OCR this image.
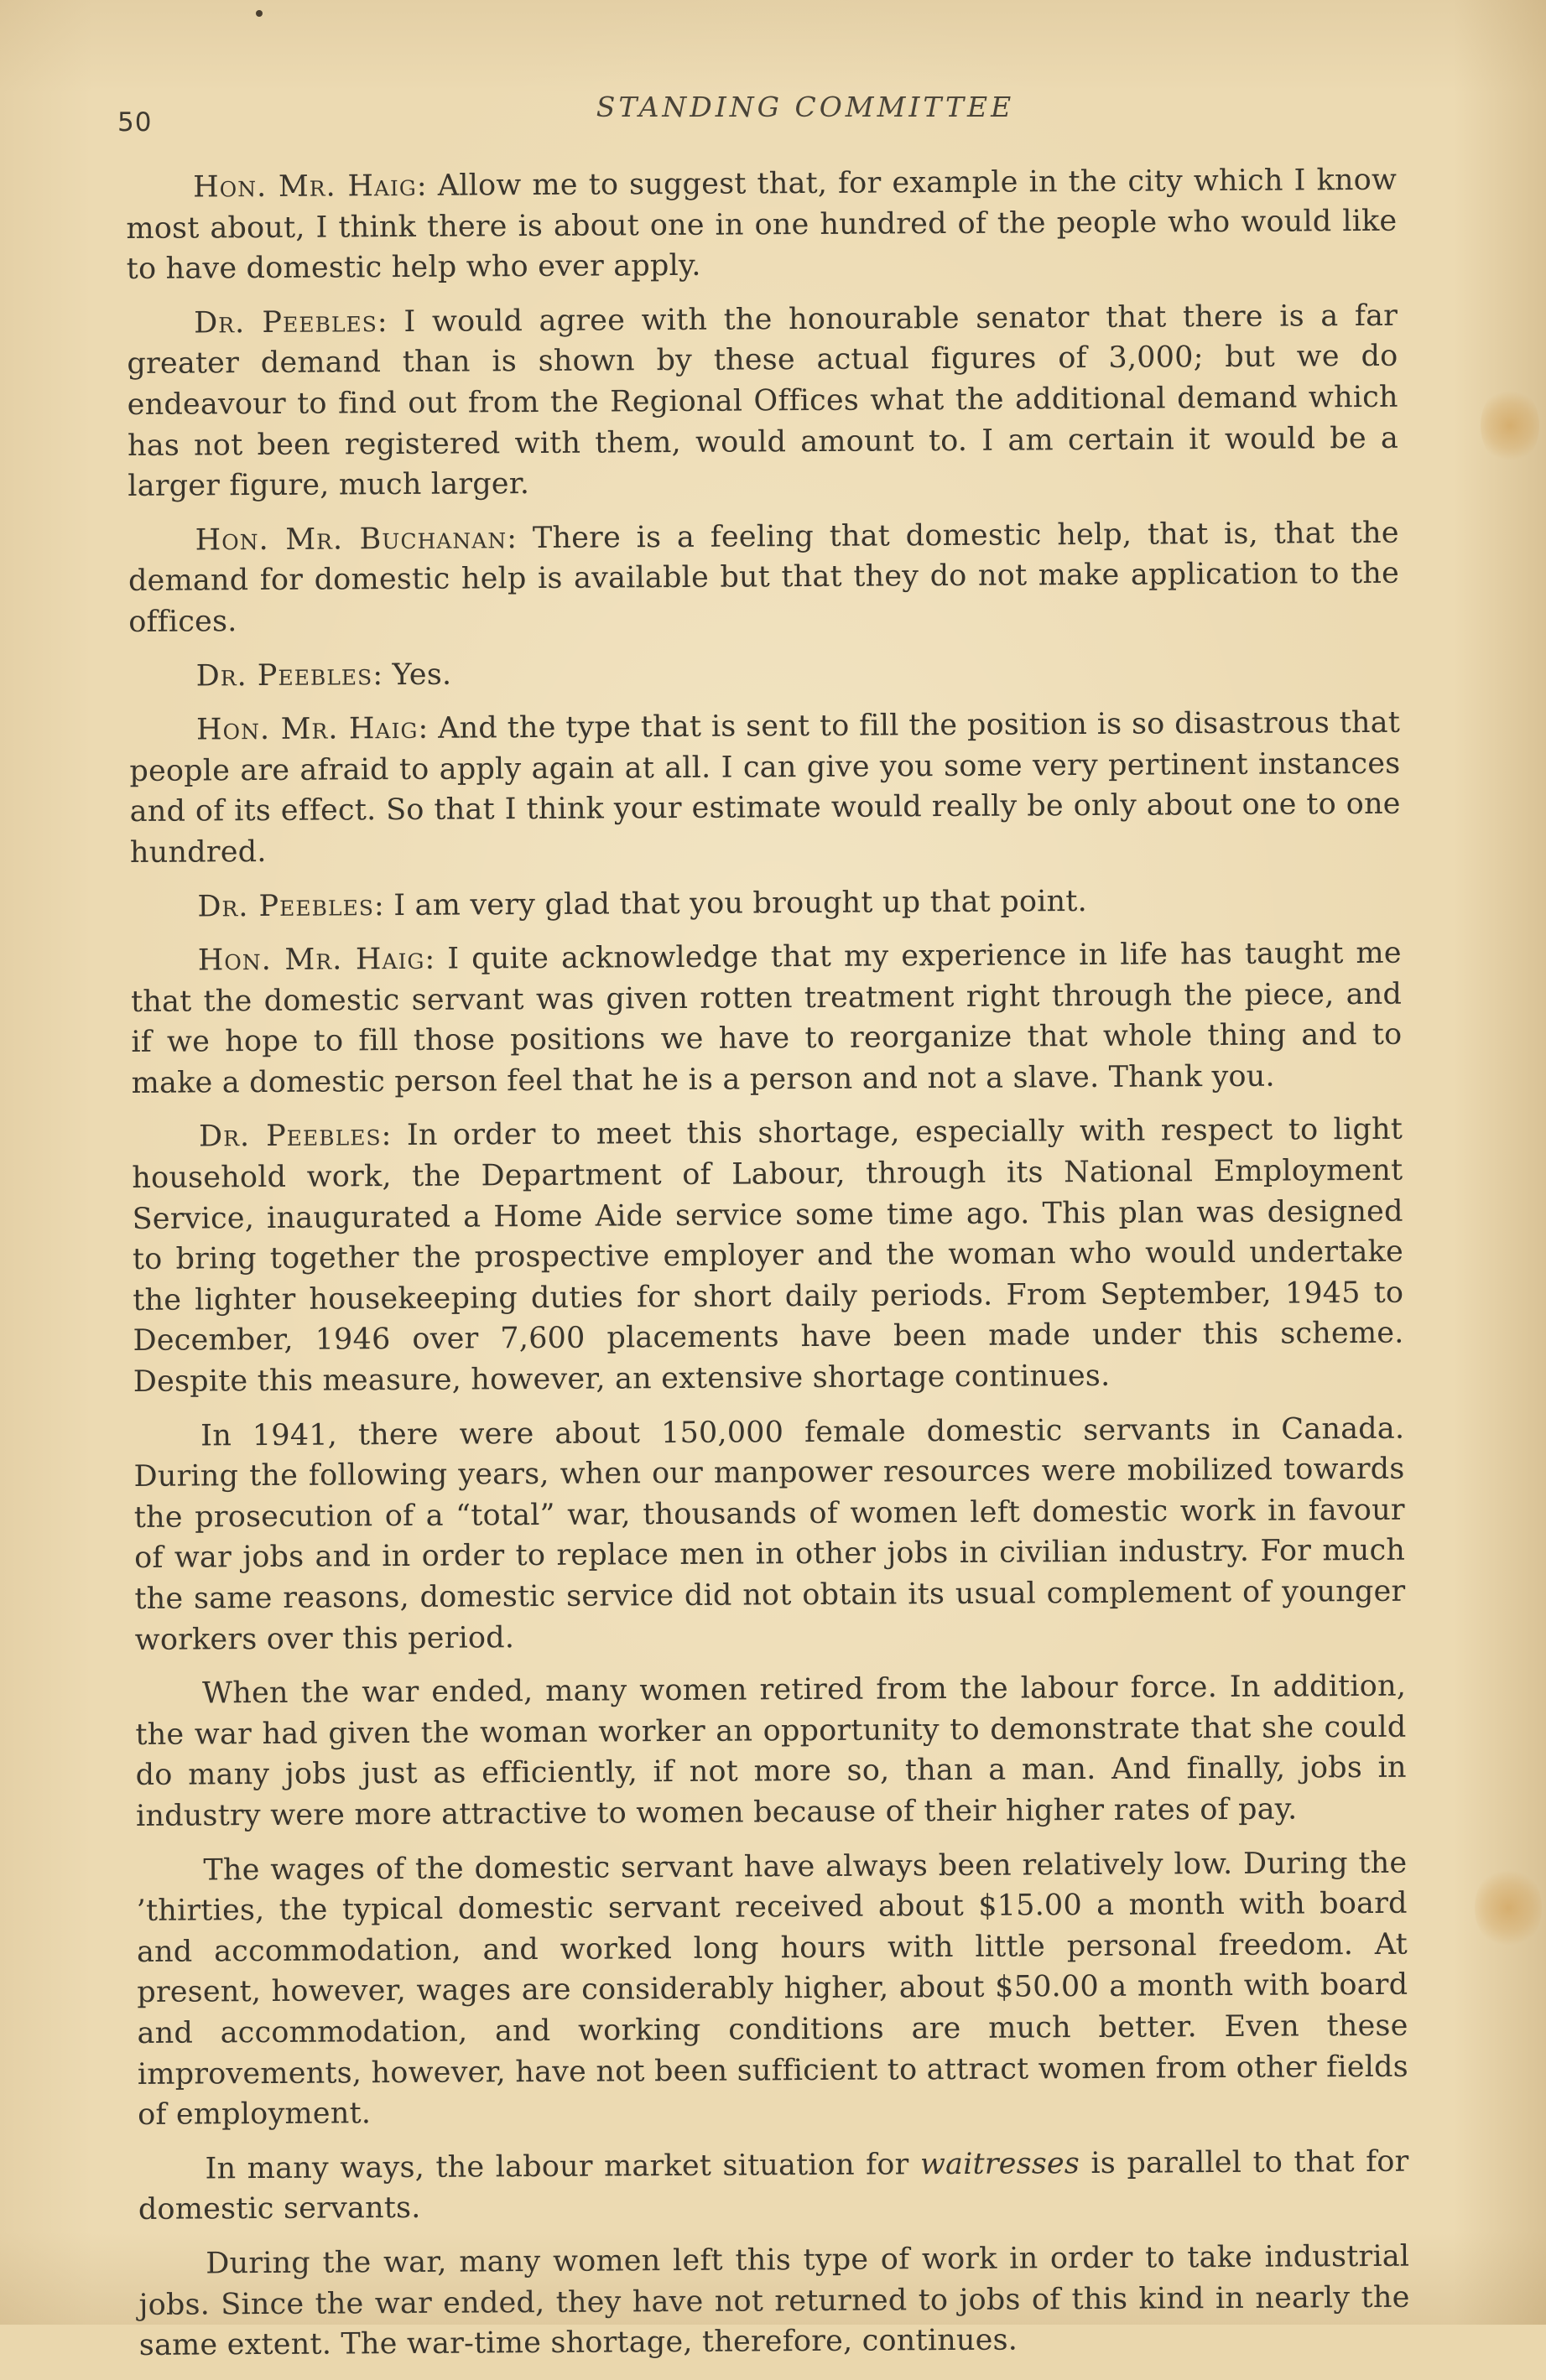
50	STANDING COMMITTEE

Hon. Mr. Haig: Allow me to suggest that, for example in the city which I know most about, I think there is about one in one hundred of the people who would like to have domestic help who ever apply.

Dr. Peebles: I would agree with the honourable senator that there is a far greater demand than is shown by these actual figures of 3,000; but we do endeavour to find out from the Regional Offices what the additional demand which has not been registered with them, would amount to. I am certain it would be a larger figure, much larger.

Hon. Mr. Buchanan: There is a feeling that domestic help, that is, that the demand for domestic help is available but that they do not make application to the offices.

Dr. Peebles: Yes.

Hon. Mr. Haig: And the type that is sent to fill the position is so disastrous that people are afraid to apply again at all. I can give you some very pertinent instances and of its effect. So that I think your estimate would really be only about one to one hundred.

Dr. Peebles: I am very glad that you brought up that point.

Hon. Mr. Haig: I quite acknowledge that my experience in life has taught me that the domestic servant was given rotten treatment right through the piece, and if we hope to fill those positions we have to reorganize that whole thing and to make a domestic person feel that he is a person and not a slave. Thank you.

Dr. Peebles: In order to meet this shortage, especially with respect to light household work, the Department of Labour, through its National Employment Service, inaugurated a Home Aide service some time ago. This plan was designed to bring together the prospective employer and the woman who would undertake the lighter housekeeping duties for short daily periods. From September, 1945 to December, 1946 over 7,600 placements have been made under this scheme. Despite this measure, however, an extensive shortage continues.

In 1941, there were about 150,000 female domestic servants in Canada. During the following years, when our manpower resources were mobilized towards the prosecution of a “total” war, thousands of women left domestic work in favour of war jobs and in order to replace men in other jobs in civilian industry. For much the same reasons, domestic service did not obtain its usual complement of younger workers over this period.

When the war ended, many women retired from the labour force. In addition, the war had given the woman worker an opportunity to demonstrate that she could do many jobs just as efficiently, if not more so, than a man. And finally, jobs in industry were more attractive to women because of their higher rates of pay.

The wages of the domestic servant have always been relatively low. During the ’thirties, the typical domestic servant received about $15.00 a month with board and accommodation, and worked long hours with little personal freedom. At present, however, wages are considerably higher, about $50.00 a month with board and accommodation, and working conditions are much better. Even these improvements, however, have not been sufficient to attract women from other fields of employment.

In many ways, the labour market situation for waitresses is parallel to that for domestic servants.

During the war, many women left this type of work in order to take industrial jobs. Since the war ended, they have not returned to jobs of this kind in nearly the same extent. The war-time shortage, therefore, continues.
